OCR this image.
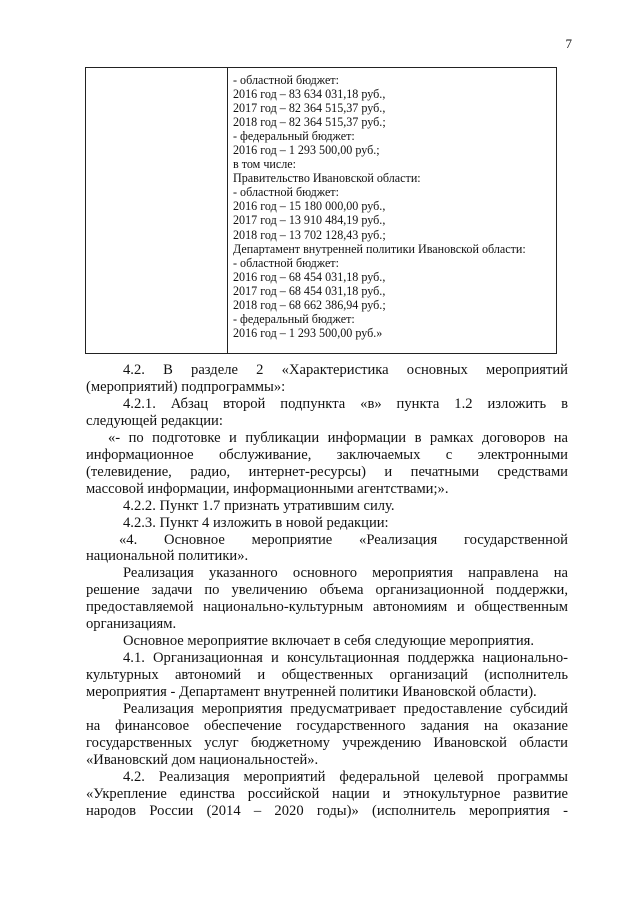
7
- областной бюджет:
2016 год – 83 634 031,18 руб.,
2017 год – 82 364 515,37 руб.,
2018 год – 82 364 515,37 руб.;
- федеральный бюджет:
2016 год – 1 293 500,00 руб.;
в том числе:
Правительство Ивановской области:
- областной бюджет:
2016 год – 15 180 000,00 руб.,
2017 год – 13 910 484,19 руб.,
2018 год – 13 702 128,43 руб.;
Департамент внутренней политики Ивановской области:
- областной бюджет:
2016 год – 68 454 031,18 руб.,
2017 год – 68 454 031,18 руб.,
2018 год – 68 662 386,94 руб.;
- федеральный бюджет:
2016 год – 1 293 500,00 руб.»

4.2. В разделе 2 «Характеристика основных мероприятий

(мероприятий) подпрограммы»:

4.2.1. Абзац второй подпункта «в» пункта 1.2 изложить в

следующей редакции:

«- по подготовке и публикации информации в рамках договоров на

информационное обслуживание, заключаемых с электронными

(телевидение, радио, интернет-ресурсы) и печатными средствами

массовой информации, информационными агентствами;».

4.2.2. Пункт 1.7 признать утратившим силу.

4.2.3. Пункт 4 изложить в новой редакции:

«4. Основное мероприятие «Реализация государственной

национальной политики».

Реализация указанного основного мероприятия направлена на

решение задачи по увеличению объема организационной поддержки,

предоставляемой национально-культурным автономиям и общественным

организациям.

Основное мероприятие включает в себя следующие мероприятия.

4.1. Организационная и консультационная поддержка национально-

культурных автономий и общественных организаций (исполнитель

мероприятия - Департамент внутренней политики Ивановской области).

Реализация мероприятия предусматривает предоставление субсидий

на финансовое обеспечение государственного задания на оказание

государственных услуг бюджетному учреждению Ивановской области

«Ивановский дом национальностей».

4.2. Реализация мероприятий федеральной целевой программы

«Укрепление единства российской нации и этнокультурное развитие

народов России (2014 – 2020 годы)» (исполнитель мероприятия -
